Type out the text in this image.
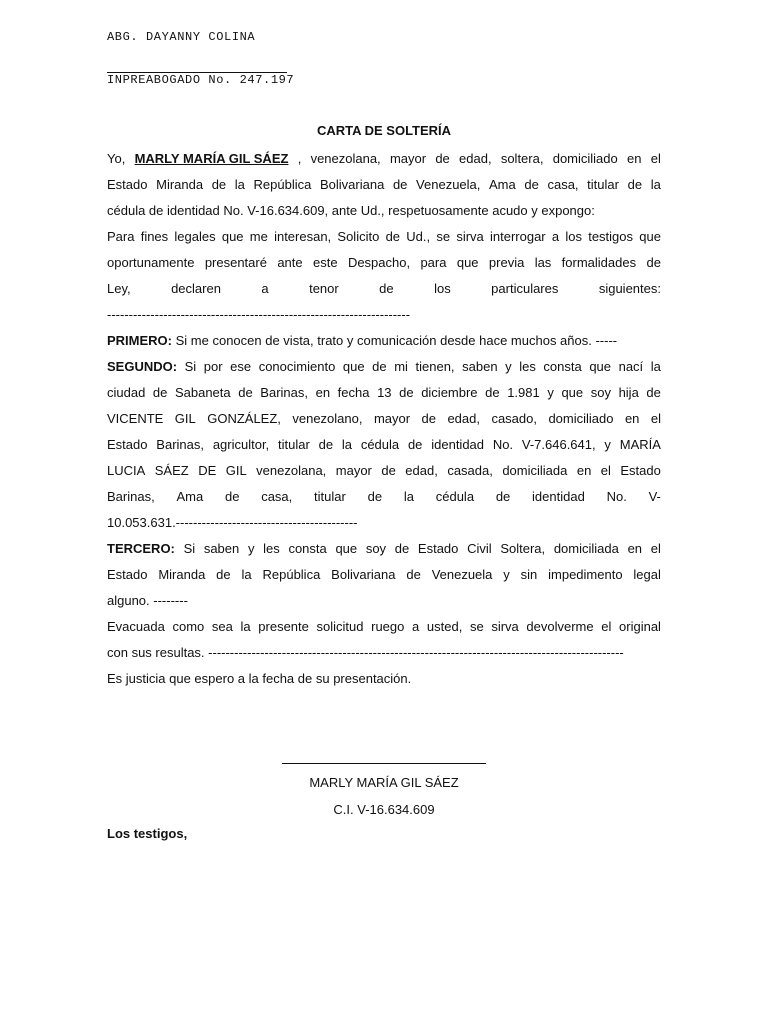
ABG. DAYANNY COLINA
INPREABOGADO No. 247.197
CARTA DE SOLTERÍA
Yo, MARLY MARÍA GIL SÁEZ , venezolana, mayor de edad, soltera, domiciliado en el
Estado Miranda de la República Bolivariana de Venezuela, Ama de casa, titular de la
cédula de identidad No. V-16.634.609, ante Ud., respetuosamente acudo y expongo:
Para fines legales que me interesan, Solicito de Ud., se sirva interrogar a los testigos que
oportunamente presentaré ante este Despacho, para que previa las formalidades de
Ley,	declaren	a	tenor	de	los	particulares	siguientes:
----------------------------------------------------------------------
PRIMERO: Si me conocen de vista, trato y comunicación desde hace muchos años. -----
SEGUNDO: Si por ese conocimiento que de mi tienen, saben y les consta que nací la
ciudad de Sabaneta de Barinas, en fecha 13 de diciembre de 1.981 y que soy hija de
VICENTE GIL GONZÁLEZ, venezolano, mayor de edad, casado, domiciliado en el
Estado Barinas, agricultor, titular de la cédula de identidad No. V-7.646.641, y MARÍA
LUCIA SÁEZ DE GIL venezolana, mayor de edad, casada, domiciliada en el Estado
Barinas, Ama de casa, titular de la cédula de identidad No. V-
10.053.631.------------------------------------------
TERCERO: Si saben y les consta que soy de Estado Civil Soltera, domiciliada en el
Estado Miranda de la República Bolivariana de Venezuela y sin impedimento legal
alguno. --------
Evacuada como sea la presente solicitud ruego a usted, se sirva devolverme el original
con sus resultas. ------------------------------------------------------------------------------------------------
Es justicia que espero a la fecha de su presentación.
MARLY MARÍA GIL SÁEZ
C.I. V-16.634.609
Los testigos,
